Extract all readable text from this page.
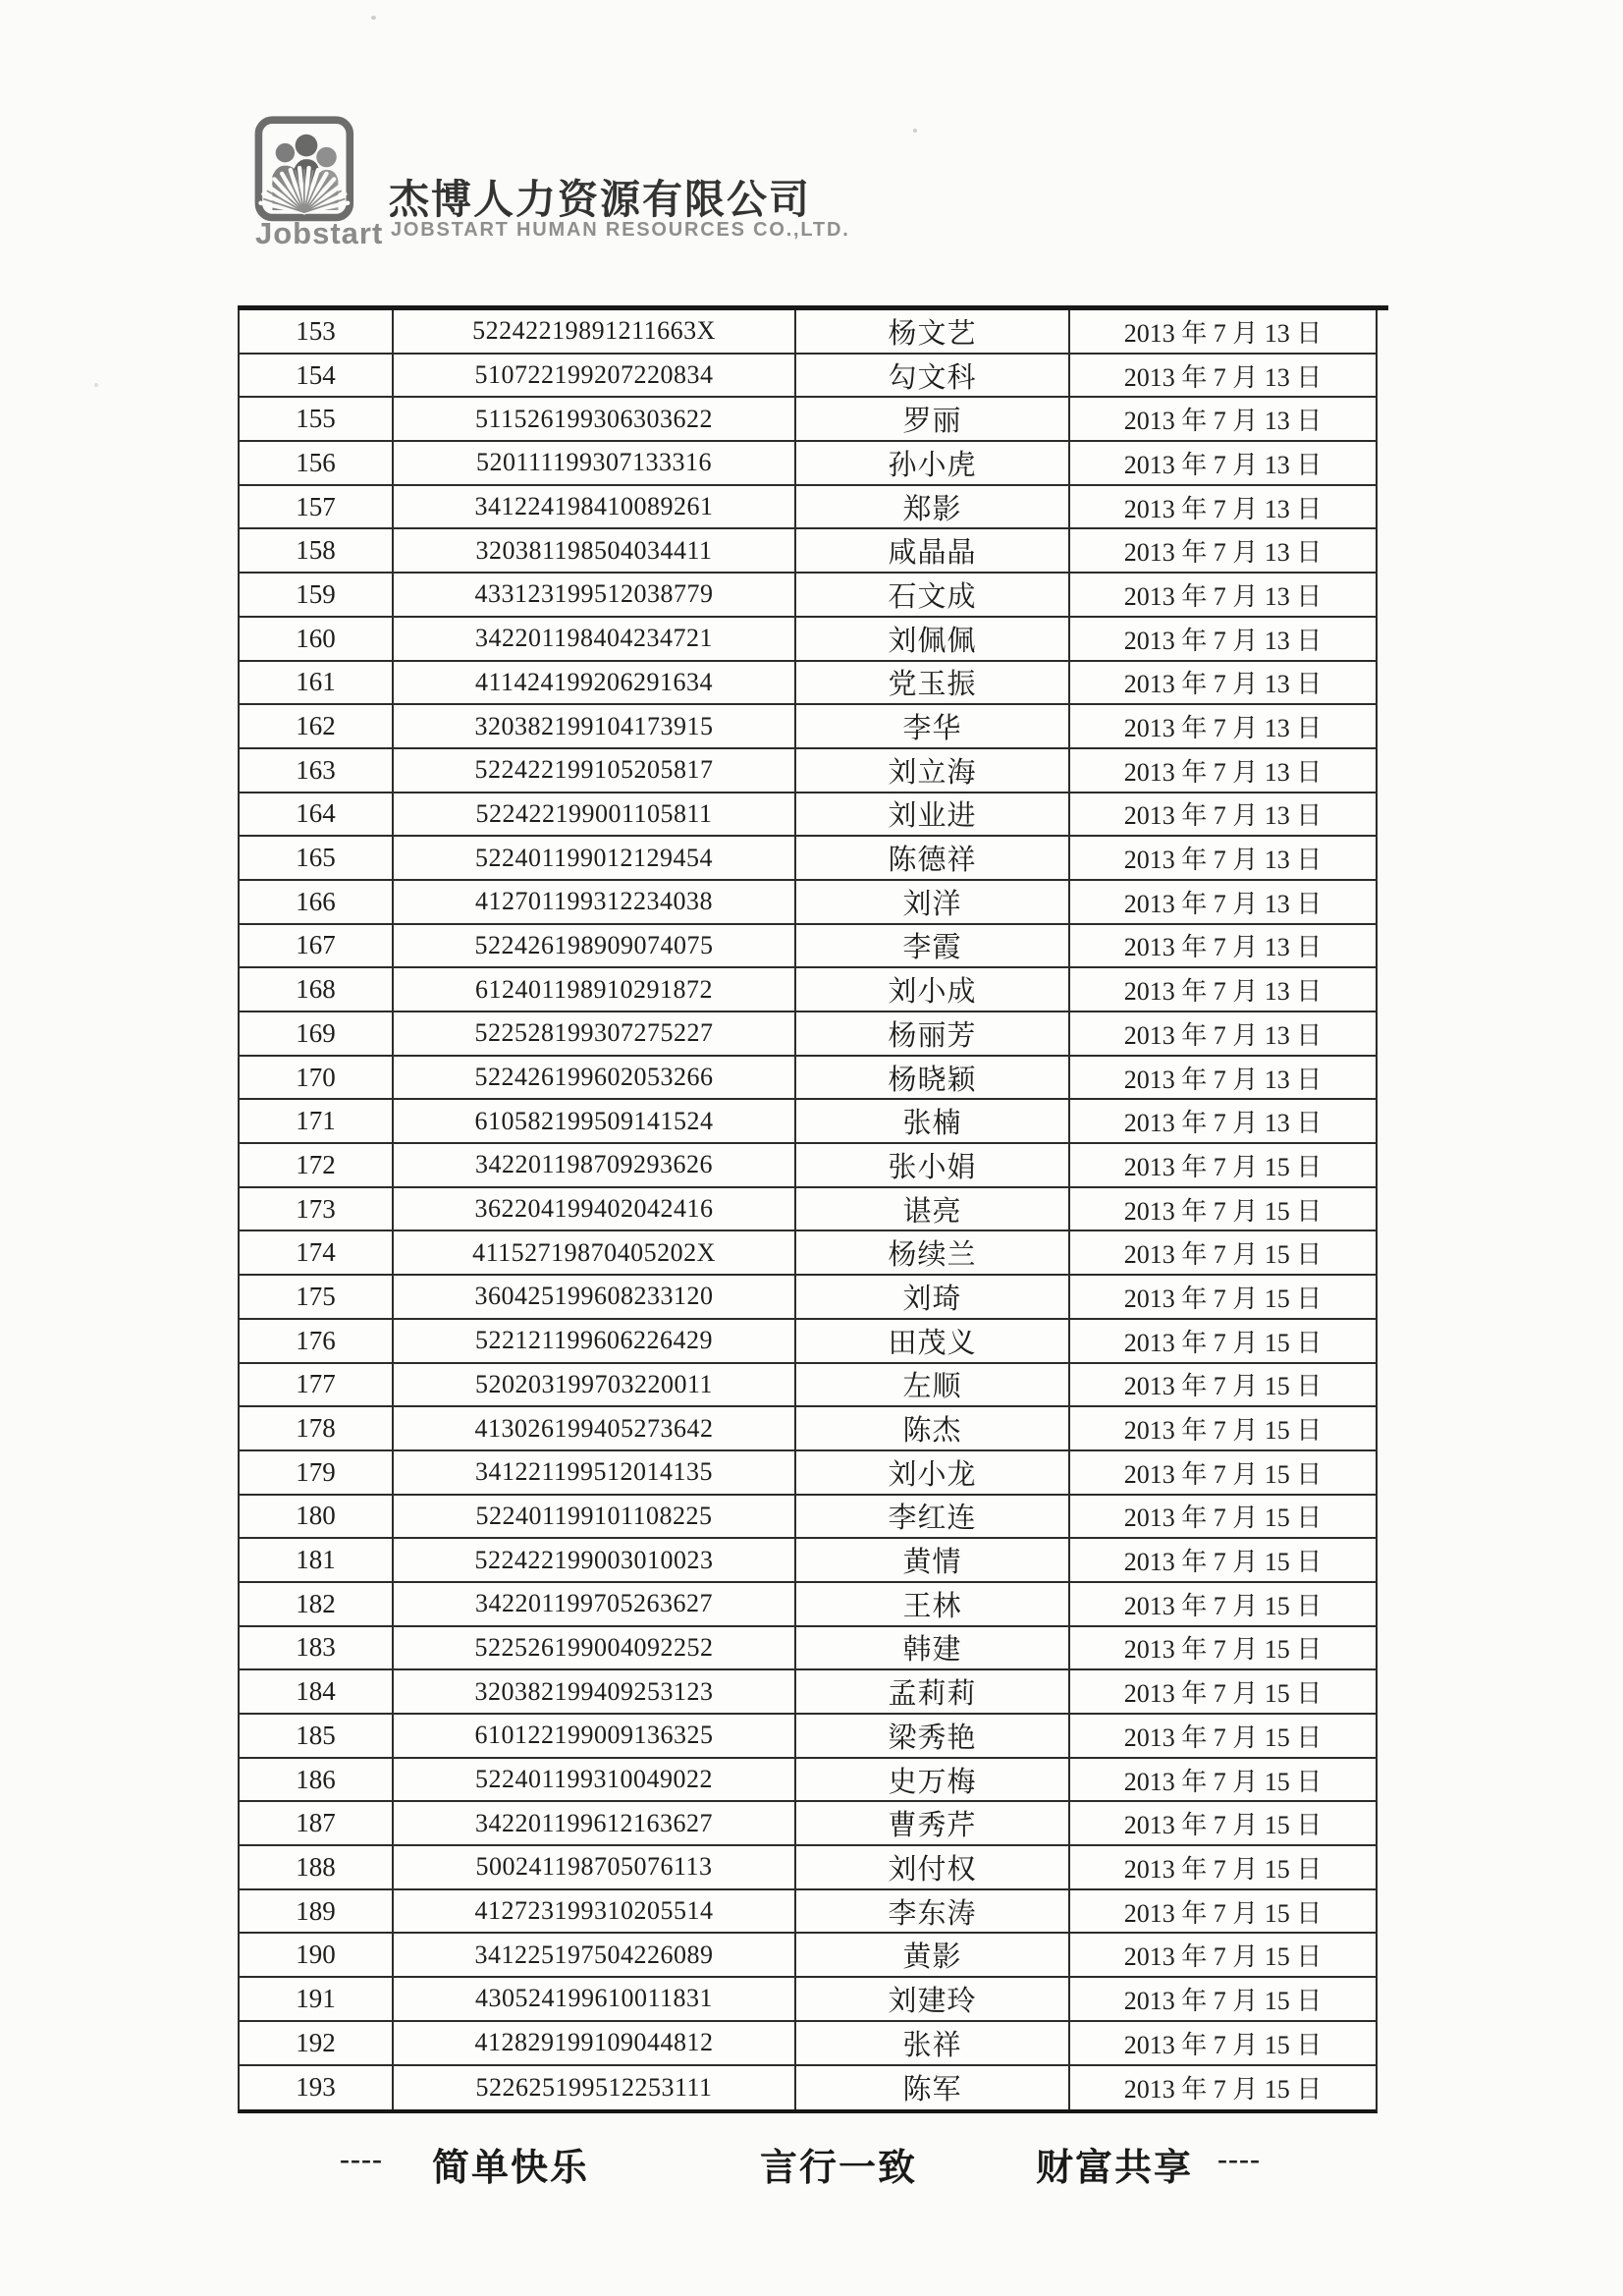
Jobstart
杰博人力资源有限公司
JOBSTART HUMAN RESOURCES CO.,LTD.
153	52242219891211663X	杨文艺	2013 年 7 月 13 日
154	510722199207220834	勾文科	2013 年 7 月 13 日
155	511526199306303622	罗丽	2013 年 7 月 13 日
156	520111199307133316	孙小虎	2013 年 7 月 13 日
157	341224198410089261	郑影	2013 年 7 月 13 日
158	320381198504034411	咸晶晶	2013 年 7 月 13 日
159	433123199512038779	石文成	2013 年 7 月 13 日
160	342201198404234721	刘佩佩	2013 年 7 月 13 日
161	411424199206291634	党玉振	2013 年 7 月 13 日
162	320382199104173915	李华	2013 年 7 月 13 日
163	522422199105205817	刘立海	2013 年 7 月 13 日
164	522422199001105811	刘业进	2013 年 7 月 13 日
165	522401199012129454	陈德祥	2013 年 7 月 13 日
166	412701199312234038	刘洋	2013 年 7 月 13 日
167	522426198909074075	李霞	2013 年 7 月 13 日
168	612401198910291872	刘小成	2013 年 7 月 13 日
169	522528199307275227	杨丽芳	2013 年 7 月 13 日
170	522426199602053266	杨晓颖	2013 年 7 月 13 日
171	610582199509141524	张楠	2013 年 7 月 13 日
172	342201198709293626	张小娟	2013 年 7 月 15 日
173	362204199402042416	谌亮	2013 年 7 月 15 日
174	41152719870405202X	杨续兰	2013 年 7 月 15 日
175	360425199608233120	刘琦	2013 年 7 月 15 日
176	522121199606226429	田茂义	2013 年 7 月 15 日
177	520203199703220011	左顺	2013 年 7 月 15 日
178	413026199405273642	陈杰	2013 年 7 月 15 日
179	341221199512014135	刘小龙	2013 年 7 月 15 日
180	522401199101108225	李红连	2013 年 7 月 15 日
181	522422199003010023	黄情	2013 年 7 月 15 日
182	342201199705263627	王林	2013 年 7 月 15 日
183	522526199004092252	韩建	2013 年 7 月 15 日
184	320382199409253123	孟莉莉	2013 年 7 月 15 日
185	610122199009136325	梁秀艳	2013 年 7 月 15 日
186	522401199310049022	史万梅	2013 年 7 月 15 日
187	342201199612163627	曹秀芹	2013 年 7 月 15 日
188	500241198705076113	刘付权	2013 年 7 月 15 日
189	412723199310205514	李东涛	2013 年 7 月 15 日
190	341225197504226089	黄影	2013 年 7 月 15 日
191	430524199610011831	刘建玲	2013 年 7 月 15 日
192	412829199109044812	张祥	2013 年 7 月 15 日
193	522625199512253111	陈军	2013 年 7 月 15 日
---- 简单快乐	言行一致	财富共享 ----
